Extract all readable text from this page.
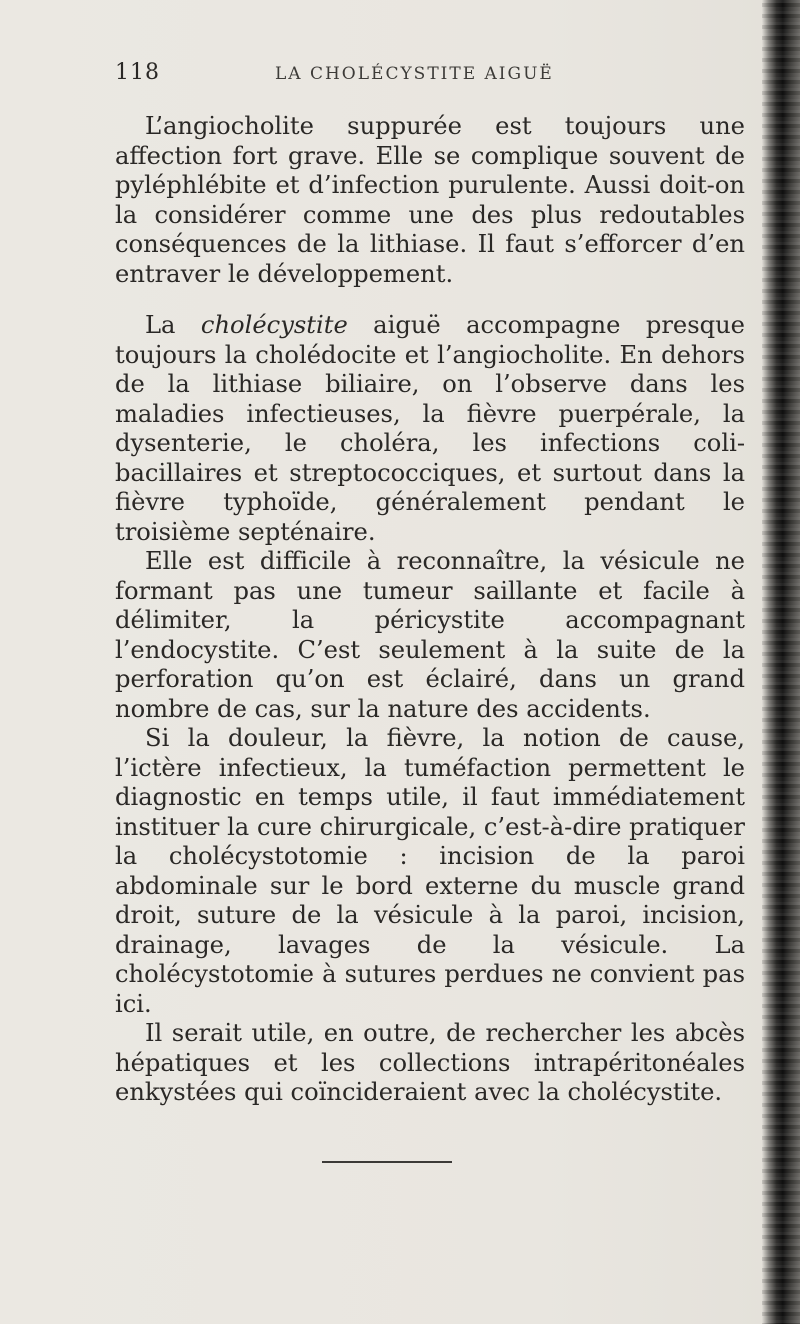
118	LA CHOLÉCYSTITE AIGUË

L’angiocholite suppurée est toujours une affection fort grave. Elle se complique souvent de pyléphlébite et d’infection purulente. Aussi doit-on la considérer comme une des plus redoutables conséquences de la lithiase. Il faut s’efforcer d’en entraver le développement.

La cholécystite aiguë accompagne presque toujours la cholédocite et l’angiocholite. En dehors de la lithiase biliaire, on l’observe dans les maladies infectieuses, la fièvre puerpérale, la dysenterie, le choléra, les infections coli-bacillaires et streptococciques, et surtout dans la fièvre typhoïde, généralement pendant le troisième septénaire.

Elle est difficile à reconnaître, la vésicule ne formant pas une tumeur saillante et facile à délimiter, la péricystite accompagnant l’endocystite. C’est seulement à la suite de la perforation qu’on est éclairé, dans un grand nombre de cas, sur la nature des accidents.

Si la douleur, la fièvre, la notion de cause, l’ictère infectieux, la tuméfaction permettent le diagnostic en temps utile, il faut immédiatement instituer la cure chirurgicale, c’est-à-dire pratiquer la cholécystotomie : incision de la paroi abdominale sur le bord externe du muscle grand droit, suture de la vésicule à la paroi, incision, drainage, lavages de la vésicule. La cholécystotomie à sutures perdues ne convient pas ici.

Il serait utile, en outre, de rechercher les abcès hépatiques et les collections intrapéritonéales enkystées qui coïncideraient avec la cholécystite.
